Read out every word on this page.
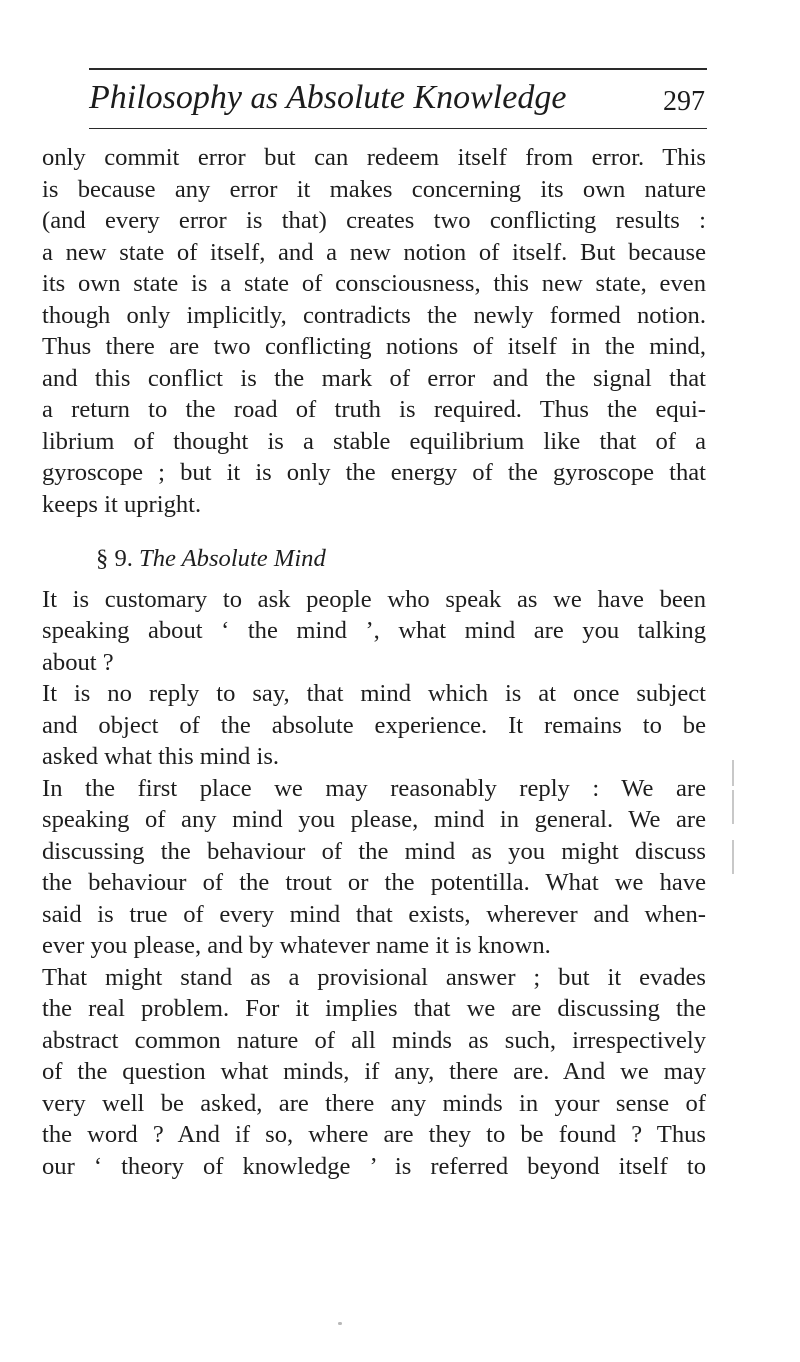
Philosophy as Absolute Knowledge	297
only commit error but can redeem itself from error. This
is because any error it makes concerning its own nature
(and every error is that) creates two conflicting results :
a new state of itself, and a new notion of itself. But because
its own state is a state of consciousness, this new state, even
though only implicitly, contradicts the newly formed notion.
Thus there are two conflicting notions of itself in the mind,
and this conflict is the mark of error and the signal that
a return to the road of truth is required. Thus the equi-
librium of thought is a stable equilibrium like that of a
gyroscope ; but it is only the energy of the gyroscope that
keeps it upright.
§ 9. The Absolute Mind
It is customary to ask people who speak as we have been
speaking about ‘ the mind ’, what mind are you talking
about ?
It is no reply to say, that mind which is at once subject
and object of the absolute experience. It remains to be
asked what this mind is.
In the first place we may reasonably reply : We are
speaking of any mind you please, mind in general. We are
discussing the behaviour of the mind as you might discuss
the behaviour of the trout or the potentilla. What we have
said is true of every mind that exists, wherever and when-
ever you please, and by whatever name it is known.
That might stand as a provisional answer ; but it evades
the real problem. For it implies that we are discussing the
abstract common nature of all minds as such, irrespectively
of the question what minds, if any, there are. And we may
very well be asked, are there any minds in your sense of
the word ? And if so, where are they to be found ? Thus
our ‘ theory of knowledge ’ is referred beyond itself to
